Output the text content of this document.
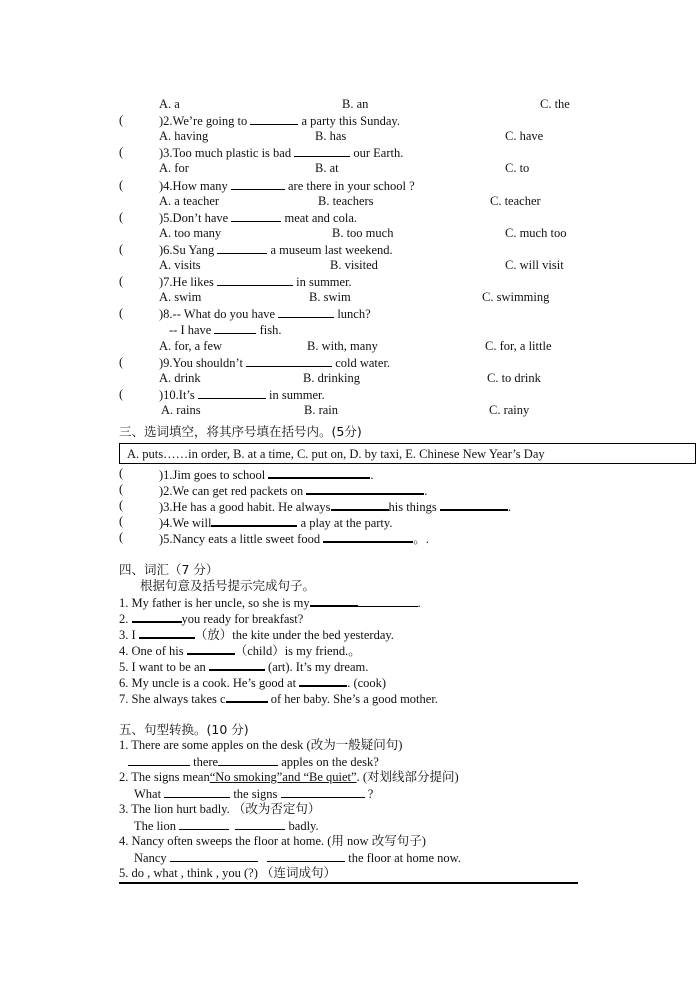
A. a	B. an	C. the
(	)2.We’re going to	a party this Sunday.
A. having	B. has	C. have
(	)3.Too much plastic is bad	our Earth.
A. for	B. at	C. to
(	)4.How many	are there in your school ?
A. a teacher	B. teachers	C. teacher
(	)5.Don’t have	meat and cola.
A. too many	B. too much	C. much too
(	)6.Su Yang	a museum last weekend.
A. visits	B. visited	C. will visit
(	)7.He likes	in summer.
A. swim	B. swim	C. swimming
(	)8.-- What do you have	lunch?
-- I have	fish.
A. for, a few	B. with, many	C. for, a little
(	)9.You shouldn’t	cold water.
A. drink	B. drinking	C. to drink
(	)10.It’s	in summer.
A. rains	B. rain	C. rainy
三、选词填空，将其序号填在括号内。(5分)
A. puts……in order, B. at a time, C. put on, D. by taxi, E. Chinese New Year’s Day
(	)1.Jim goes to school	.
(	)2.We can get red packets on	.
(	)3.He has a good habit. He always	his things	.
(	)4.We will	a play at the party.
(	)5.Nancy eats a little sweet food	。.
四、词汇（7 分）
根据句意及括号提示完成句子。
1. My father is her uncle, so she is my	.
2.	you ready for breakfast?
3. I	（放）the kite under the bed yesterday.
4. One of his	（child）is my friend.。
5. I want to be an	(art). It’s my dream.
6. My uncle is a cook. He’s good at	. (cook)
7. She always takes c	of her baby. She’s a good mother.
五、句型转换。(10 分)
1. There are some apples on the desk (改为一般疑问句)
there	apples on the desk?
2. The signs mean“No smoking”and “Be quiet”. (对划线部分提问)
What	the signs	?
3. The lion hurt badly. （改为否定句）
The lion	badly.
4. Nancy often sweeps the floor at home. (用 now 改写句子)
Nancy	the floor at home now.
5. do , what , think , you (?) （连词成句）
